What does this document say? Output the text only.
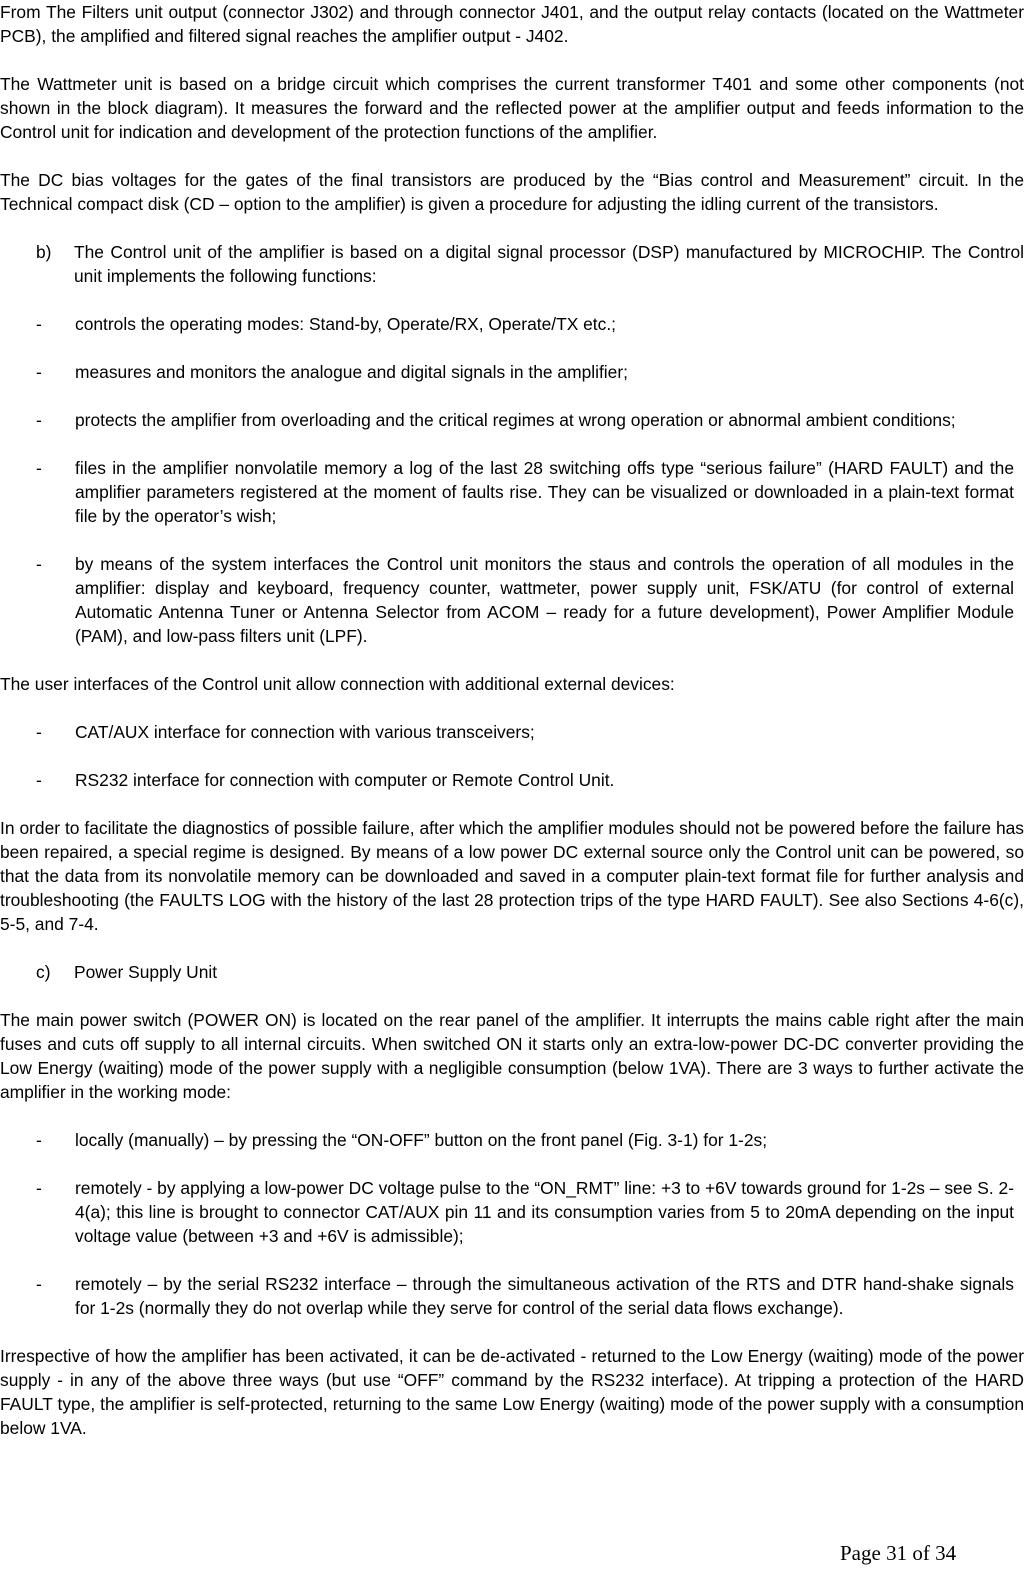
From The Filters unit output (connector J302) and through connector J401, and the output relay contacts (located on the Wattmeter PCB), the amplified and filtered signal reaches the amplifier output - J402.

The Wattmeter unit is based on a bridge circuit which comprises the current transformer T401 and some other components (not shown in the block diagram). It measures the forward and the reflected power at the amplifier output and feeds information to the Control unit for indication and development of the protection functions of the amplifier.

The DC bias voltages for the gates of the final transistors are produced by the “Bias control and Measurement” circuit. In the Technical compact disk (CD – option to the amplifier) is given a procedure for adjusting the idling current of the transistors.

b) The Control unit of the amplifier is based on a digital signal processor (DSP) manufactured by MICROCHIP. The Control unit implements the following functions:

- controls the operating modes: Stand-by, Operate/RX, Operate/TX etc.;

- measures and monitors the analogue and digital signals in the amplifier;

- protects the amplifier from overloading and the critical regimes at wrong operation or abnormal ambient conditions;

- files in the amplifier nonvolatile memory a log of the last 28 switching offs type “serious failure” (HARD FAULT) and the amplifier parameters registered at the moment of faults rise. They can be visualized or downloaded in a plain-text format file by the operator’s wish;

- by means of the system interfaces the Control unit monitors the staus and controls the operation of all modules in the amplifier: display and keyboard, frequency counter, wattmeter, power supply unit, FSK/ATU (for control of external Automatic Antenna Tuner or Antenna Selector from ACOM – ready for a future development), Power Amplifier Module (PAM), and low-pass filters unit (LPF).

The user interfaces of the Control unit allow connection with additional external devices:

- CAT/AUX interface for connection with various transceivers;

- RS232 interface for connection with computer or Remote Control Unit.

In order to facilitate the diagnostics of possible failure, after which the amplifier modules should not be powered before the failure has been repaired, a special regime is designed. By means of a low power DC external source only the Control unit can be powered, so that the data from its nonvolatile memory can be downloaded and saved in a computer plain-text format file for further analysis and troubleshooting (the FAULTS LOG with the history of the last 28 protection trips of the type HARD FAULT). See also Sections 4-6(c), 5-5, and 7-4.

c) Power Supply Unit

The main power switch (POWER ON) is located on the rear panel of the amplifier. It interrupts the mains cable right after the main fuses and cuts off supply to all internal circuits. When switched ON it starts only an extra-low-power DC-DC converter providing the Low Energy (waiting) mode of the power supply with a negligible consumption (below 1VA). There are 3 ways to further activate the amplifier in the working mode:

- locally (manually) – by pressing the “ON-OFF” button on the front panel (Fig. 3-1) for 1-2s;

- remotely - by applying a low-power DC voltage pulse to the “ON_RMT” line: +3 to +6V towards ground for 1-2s – see S. 2-4(a); this line is brought to connector CAT/AUX pin 11 and its consumption varies from 5 to 20mA depending on the input voltage value (between +3 and +6V is admissible);

- remotely – by the serial RS232 interface – through the simultaneous activation of the RTS and DTR hand-shake signals for 1-2s (normally they do not overlap while they serve for control of the serial data flows exchange).

Irrespective of how the amplifier has been activated, it can be de-activated - returned to the Low Energy (waiting) mode of the power supply - in any of the above three ways (but use “OFF” command by the RS232 interface). At tripping a protection of the HARD FAULT type, the amplifier is self-protected, returning to the same Low Energy (waiting) mode of the power supply with a consumption below 1VA.

Page 31 of 34
